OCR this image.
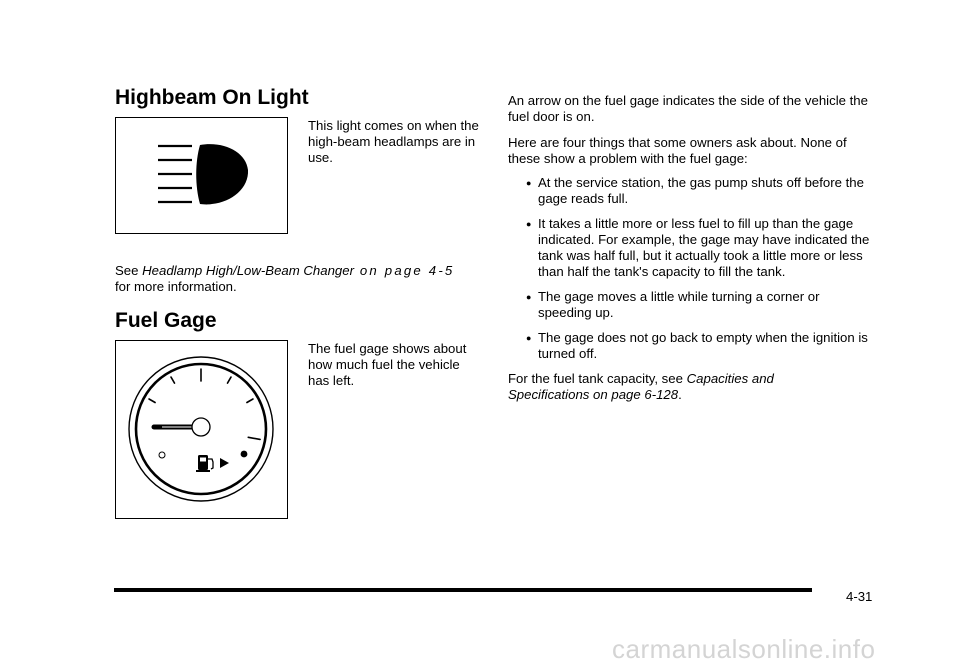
Highbeam On Light

This light comes on when the high-beam headlamps are in use.

See Headlamp High/Low-Beam Changer on page 4-5
for more information.

Fuel Gage

The fuel gage shows about how much fuel the vehicle has left.

An arrow on the fuel gage indicates the side of the vehicle the fuel door is on.

Here are four things that some owners ask about. None of these show a problem with the fuel gage:

● At the service station, the gas pump shuts off before the gage reads full.
● It takes a little more or less fuel to fill up than the gage indicated. For example, the gage may have indicated the tank was half full, but it actually took a little more or less than half the tank's capacity to fill the tank.
● The gage moves a little while turning a corner or speeding up.
● The gage does not go back to empty when the ignition is turned off.

For the fuel tank capacity, see Capacities and Specifications on page 6-128.

4-31
carmanualsonline.info
